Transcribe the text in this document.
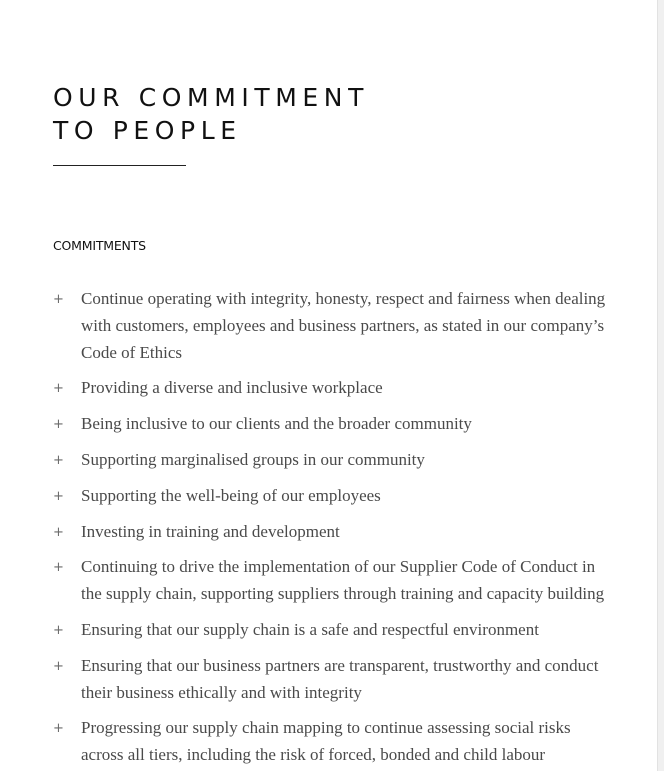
OUR COMMITMENT
TO PEOPLE
COMMITMENTS
+ Continue operating with integrity, honesty, respect and fairness when dealing with customers, employees and business partners, as stated in our company’s Code of Ethics
+ Providing a diverse and inclusive workplace
+ Being inclusive to our clients and the broader community
+ Supporting marginalised groups in our community
+ Supporting the well-being of our employees
+ Investing in training and development
+ Continuing to drive the implementation of our Supplier Code of Conduct in the supply chain, supporting suppliers through training and capacity building
+ Ensuring that our supply chain is a safe and respectful environment
+ Ensuring that our business partners are transparent, trustworthy and conduct their business ethically and with integrity
+ Progressing our supply chain mapping to continue assessing social risks across all tiers, including the risk of forced, bonded and child labour
